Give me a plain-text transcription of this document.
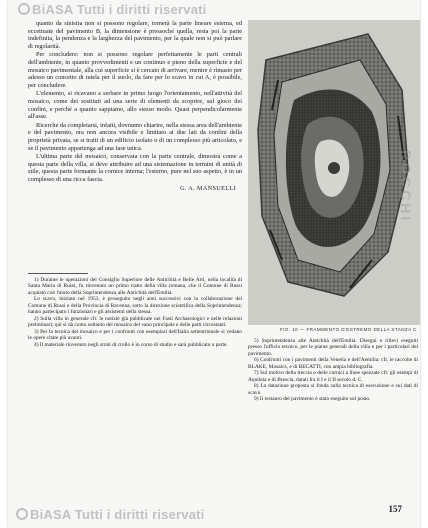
BiASA Tutti i diritti riservati

quanto da sinistra non si possono regolare, tornerà la parte lineare esterna, ed eccettuate del pavimento B, la dimensione è pressoché quella, resta poi la parte indefinita, la pendenza e la larghezza del pavimento, per la quale non si può parlare di regolarità.

Per concludere: non si possono regolare perfettamente le parti centrali dell'ambiente, in quanto provvedimenti e un continuo e pieno della superficie e del mosaico pavimentale, alla cui superficie si è cercato di arrivare, mentre è rimasto per adesso un concetto di tutela per il suolo, da fare per lo scavo in cui A, è possibile, per concludere.

L'elemento, si ricavano a serbare in primo luogo l'orientamento, nell'attività del mosaico, come dei sostituti ad una serie di elementi da scoprire, sul gioco dei confini, e perché a quanto sappiamo, allo stesso modo. Quasi perpendicolarmente all'asse.

Ricerche da completarsi, infatti, dovranno chiarire, nella stessa area dell'ambiente e del pavimento, ora non ancora visibile e limitato ai due lati da confini della proprietà privata, se si tratti di un edificio isolato o di un complesso più articolato, e se il pavimento appartenga ad una fase unica.

L'ultima parte del mosaico, conservata con la parte centrale, dimostra come a questa parte della villa, si deve attribuire ad una sistemazione in termini di unità di stile, questa parte formante la cornice interna; l'esterno, pure nel suo aspetto, è in un complesso di una ricca fascia.

G. A. MANSUELLI

1) Durante le operazioni del Consiglio Superiore delle Antichità e Belle Arti, nella località di Santa Maria di Russi, fu rinvenuto un primo tratto della villa romana, che il Comune di Russi acquistò con l'aiuto della Soprintendenza alle Antichità dell'Emilia.

Lo scavo, iniziato nel 1953, è proseguito negli anni successivi con la collaborazione del Comune di Russi e della Provincia di Ravenna, sotto la direzione scientifica della Soprintendenza; hanno partecipato i funzionari e gli assistenti della stessa.

2) Sulla villa in generale cfr. le notizie già pubblicate nei Fasti Archaeologici e nelle relazioni preliminari; qui si dà conto soltanto del mosaico del vano principale e delle parti circostanti.

3) Per la tecnica del mosaico e per i confronti con esemplari dell'Italia settentrionale si vedano le opere citate più avanti.

4) Il materiale rinvenuto negli strati di crollo è in corso di studio e sarà pubblicato a parte.

FIG. 10 — FRAMMENTO D'ESTREMO DELLA STANZA C

5) Soprintendenza alle Antichità dell'Emilia. Disegni e rilievi eseguiti presso l'ufficio tecnico, per le piante generali della villa e per i particolari del pavimento.

6) Confronti con i pavimenti della Venetia e dell'Aemilia: cfr. le raccolte di BLAKE, Mosaics, e di BECATTI, con ampia bibliografia.

7) Sul motivo della treccia e delle cornici a linee spezzate cfr. gli esempi di Aquileia e di Brescia, datati fra il I e il II secolo d. C.

8) La datazione proposta si fonda sulla tecnica di esecuzione e sui dati di scavo.

9) Il restauro del pavimento è stato eseguito sul posto.

ROCCHI
BiASA Tutti i diritti riservati	157
